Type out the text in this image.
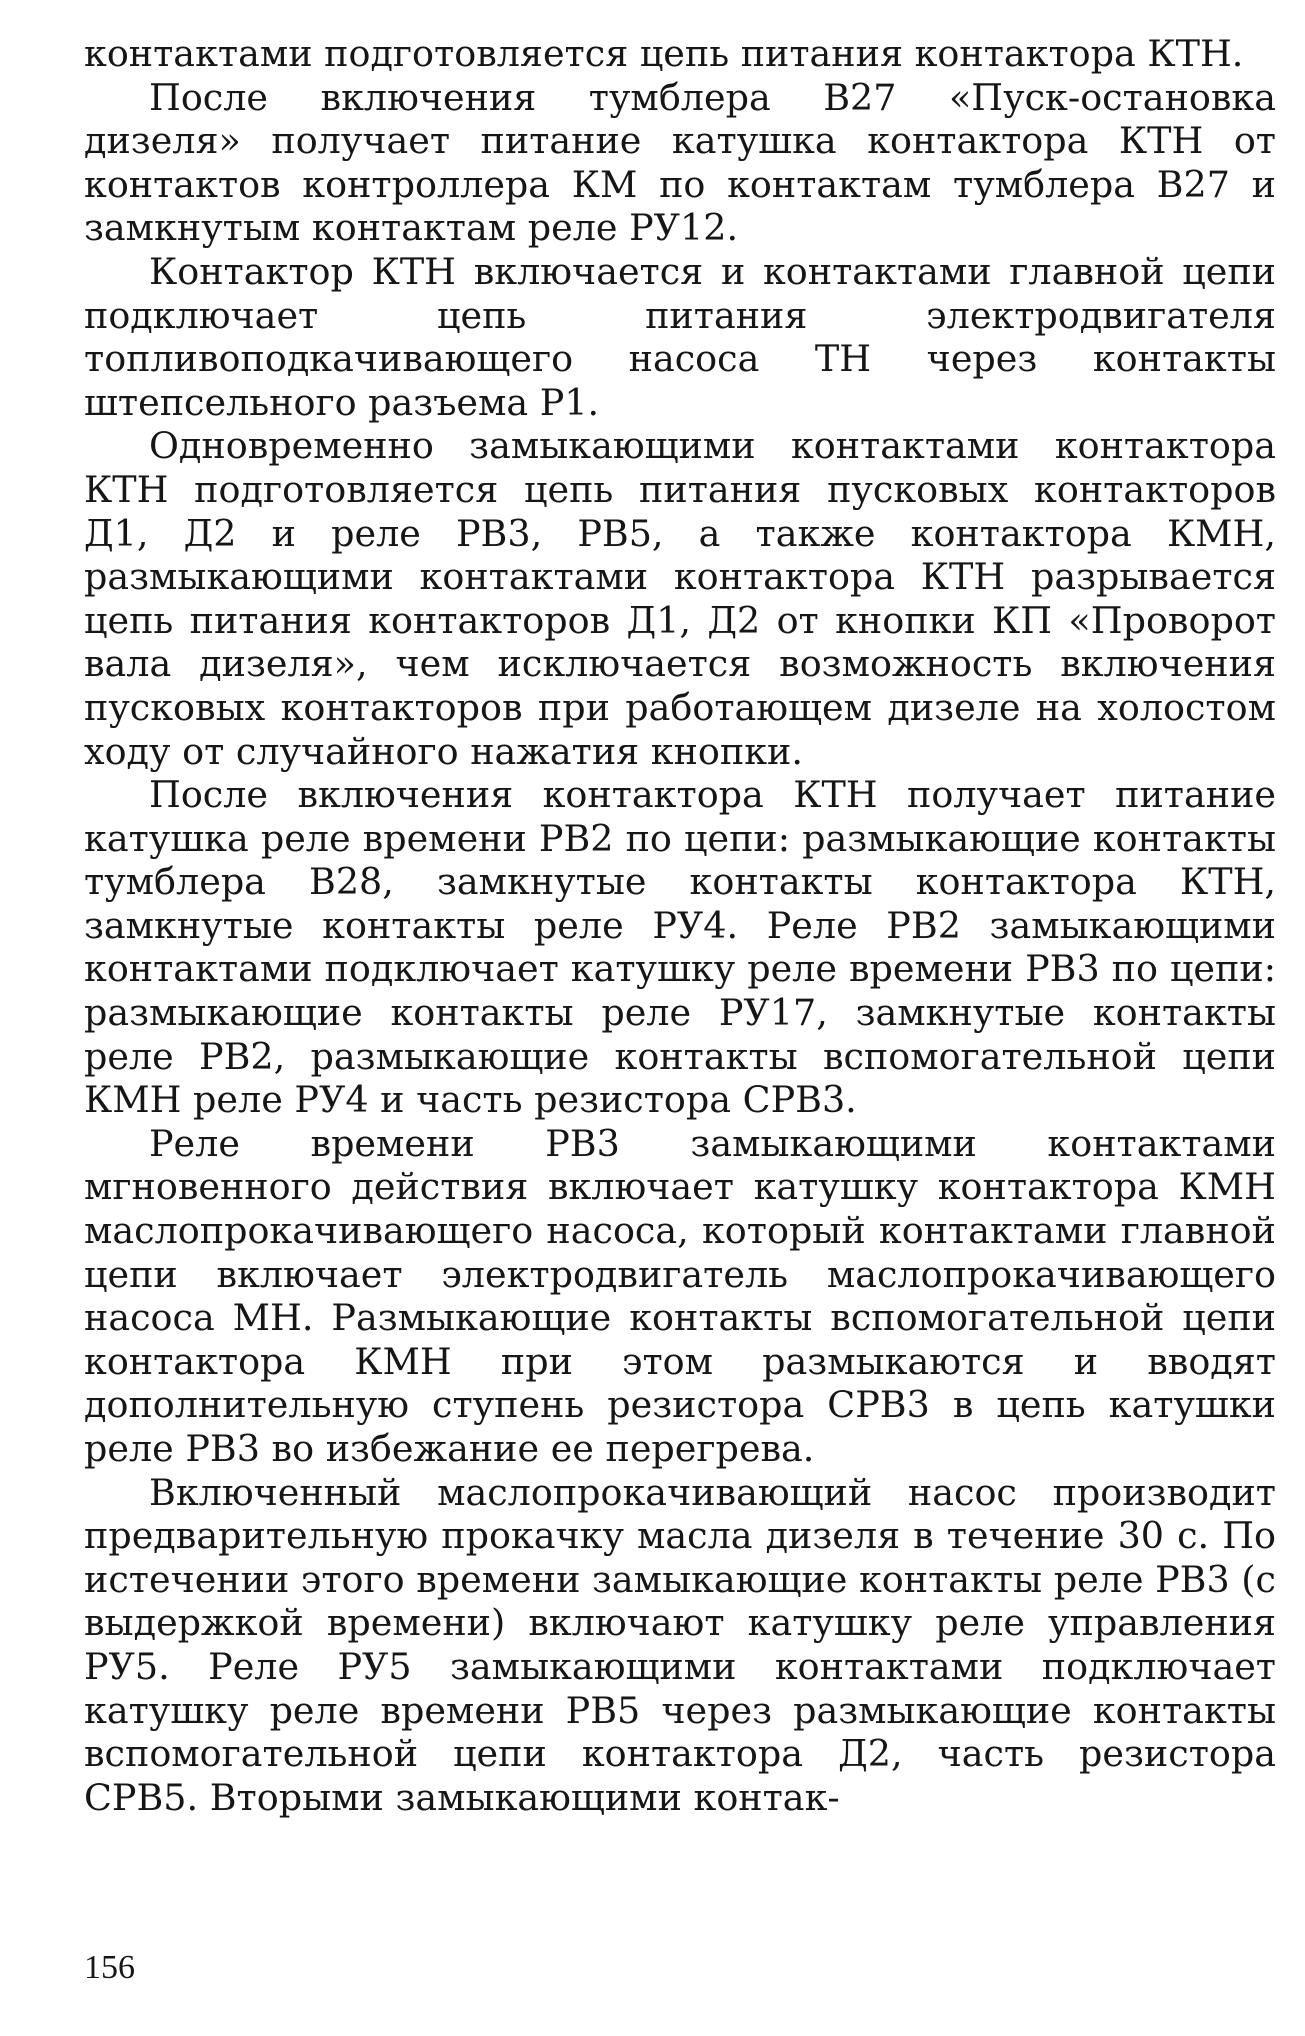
контактами подготовляется цепь питания контактора КТН.

После включения тумблера В27 «Пуск-остановка дизеля» получает питание катушка контактора КТН от контактов контроллера КМ по контактам тумблера В27 и замкнутым контактам реле РУ12.

Контактор КТН включается и контактами главной цепи подключает цепь питания электродвигателя топливоподкачивающего насоса ТН через контакты штепсельного разъема Р1.

Одновременно замыкающими контактами контактора КТН подготовляется цепь питания пусковых контакторов Д1, Д2 и реле РВ3, РВ5, а также контактора КМН, размыкающими контактами контактора КТН разрывается цепь питания контакторов Д1, Д2 от кнопки КП «Проворот вала дизеля», чем исключается возможность включения пусковых контакторов при работающем дизеле на холостом ходу от случайного нажатия кнопки.

После включения контактора КТН получает питание катушка реле времени РВ2 по цепи: размыкающие контакты тумблера В28, замкнутые контакты контактора КТН, замкнутые контакты реле РУ4. Реле РВ2 замыкающими контактами подключает катушку реле времени РВ3 по цепи: размыкающие контакты реле РУ17, замкнутые контакты реле РВ2, размыкающие контакты вспомогательной цепи КМН реле РУ4 и часть резистора СРВ3.

Реле времени РВ3 замыкающими контактами мгновенного действия включает катушку контактора КМН маслопрокачивающего насоса, который контактами главной цепи включает электродвигатель маслопрокачивающего насоса МН. Размыкающие контакты вспомогательной цепи контактора КМН при этом размыкаются и вводят дополнительную ступень резистора СРВ3 в цепь катушки реле РВ3 во избежание ее перегрева.

Включенный маслопрокачивающий насос производит предварительную прокачку масла дизеля в течение 30 с. По истечении этого времени замыкающие контакты реле РВ3 (с выдержкой времени) включают катушку реле управления РУ5. Реле РУ5 замыкающими контактами подключает катушку реле времени РВ5 через размыкающие контакты вспомогательной цепи контактора Д2, часть резистора СРВ5. Вторыми замыкающими контак-

156
